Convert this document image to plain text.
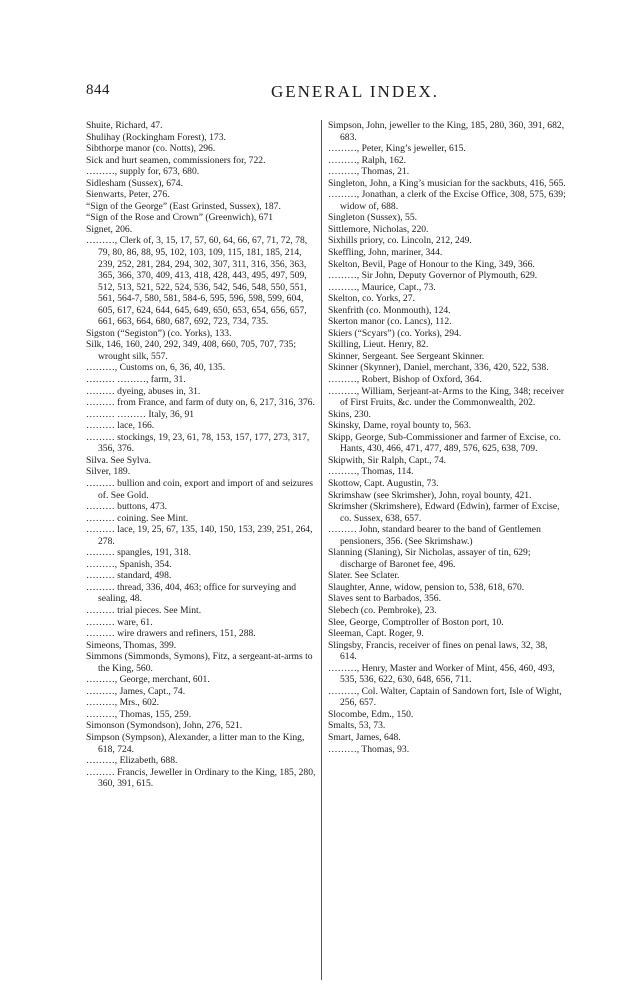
844	GENERAL INDEX.

Shuite, Richard, 47.

Shulihay (Rockingham Forest), 173.

Sibthorpe manor (co. Notts), 296.

Sick and hurt seamen, commissioners for, 722.

………, supply for, 673, 680.

Sidlesham (Sussex), 674.

Sienwarts, Peter, 276.

“Sign of the George” (East Grinsted, Sussex), 187.

“Sign of the Rose and Crown” (Greenwich), 671

Signet, 206.

………, Clerk of, 3, 15, 17, 57, 60, 64, 66, 67, 71, 72, 78, 79, 80, 86, 88, 95, 102, 103, 109, 115, 181, 185, 214, 239, 252, 281, 284, 294, 302, 307, 311, 316, 356, 363, 365, 366, 370, 409, 413, 418, 428, 443, 495, 497, 509, 512, 513, 521, 522, 524, 536, 542, 546, 548, 550, 551, 561, 564-7, 580, 581, 584-6, 595, 596, 598, 599, 604, 605, 617, 624, 644, 645, 649, 650, 653, 654, 656, 657, 661, 663, 664, 680, 687, 692, 723, 734, 735.

Sigston (“Segiston”) (co. Yorks), 133.

Silk, 146, 160, 240, 292, 349, 408, 660, 705, 707, 735; wrought silk, 557.

………, Customs on, 6, 36, 40, 135.

……… ………, farm, 31.

……… dyeing, abuses in, 31.

……… from France, and farm of duty on, 6, 217, 316, 376.

……… ……… Italy, 36, 91

……… lace, 166.

……… stockings, 19, 23, 61, 78, 153, 157, 177, 273, 317, 356, 376.

Silva. See Sylva.

Silver, 189.

……… bullion and coin, export and import of and seizures of. See Gold.

……… buttons, 473.

……… coining. See Mint.

……… lace, 19, 25, 67, 135, 140, 150, 153, 239, 251, 264, 278.

……… spangles, 191, 318.

………, Spanish, 354.

……… standard, 498.

……… thread, 336, 404, 463; office for surveying and sealing, 48.

……… trial pieces. See Mint.

……… ware, 61.

……… wire drawers and refiners, 151, 288.

Simeons, Thomas, 399.

Simmons (Simmonds, Symons), Fitz, a sergeant-at-arms to the King, 560.

………, George, merchant, 601.

………, James, Capt., 74.

………, Mrs., 602.

………, Thomas, 155, 259.

Simonson (Symondson), John, 276, 521.

Simpson (Sympson), Alexander, a litter man to the King, 618, 724.

………, Elizabeth, 688.

……… Francis, Jeweller in Ordinary to the King, 185, 280, 360, 391, 615.

Simpson, John, jeweller to the King, 185, 280, 360, 391, 682, 683.

………, Peter, King’s jeweller, 615.

………, Ralph, 162.

………, Thomas, 21.

Singleton, John, a King’s musician for the sackbuts, 416, 565.

………, Jonathan, a clerk of the Excise Office, 308, 575, 639; widow of, 688.

Singleton (Sussex), 55.

Sittlemore, Nicholas, 220.

Sixhills priory, co. Lincoln, 212, 249.

Skeffling, John, mariner, 344.

Skelton, Bevil, Page of Honour to the King, 349, 366.

………, Sir John, Deputy Governor of Plymouth, 629.

………, Maurice, Capt., 73.

Skelton, co. Yorks, 27.

Skenfrith (co. Monmouth), 124.

Skerton manor (co. Lancs), 112.

Skiers (“Scyars”) (co. Yorks), 294.

Skilling, Lieut. Henry, 82.

Skinner, Sergeant. See Sergeant Skinner.

Skinner (Skynner), Daniel, merchant, 336, 420, 522, 538.

………, Robert, Bishop of Oxford, 364.

………, William, Serjeant-at-Arms to the King, 348; receiver of First Fruits, &c. under the Commonwealth, 202.

Skins, 230.

Skinsky, Dame, royal bounty to, 563.

Skipp, George, Sub-Commissioner and farmer of Excise, co. Hants, 430, 466, 471, 477, 489, 576, 625, 638, 709.

Skipwith, Sir Ralph, Capt., 74.

………, Thomas, 114.

Skottow, Capt. Augustin, 73.

Skrimshaw (see Skrimsher), John, royal bounty, 421.

Skrimsher (Skrimshere), Edward (Edwin), farmer of Excise, co. Sussex, 638, 657.

……… John, standard bearer to the band of Gentlemen pensioners, 356. (See Skrimshaw.)

Slanning (Slaning), Sir Nicholas, assayer of tin, 629; discharge of Baronet fee, 496.

Slater. See Sclater.

Slaughter, Anne, widow, pension to, 538, 618, 670.

Slaves sent to Barbados, 356.

Slebech (co. Pembroke), 23.

Slee, George, Comptroller of Boston port, 10.

Sleeman, Capt. Roger, 9.

Slingsby, Francis, receiver of fines on penal laws, 32, 38, 614.

………, Henry, Master and Worker of Mint, 456, 460, 493, 535, 536, 622, 630, 648, 656, 711.

………, Col. Walter, Captain of Sandown fort, Isle of Wight, 256, 657.

Slocombe, Edm., 150.

Smalts, 53, 73.

Smart, James, 648.

………, Thomas, 93.
